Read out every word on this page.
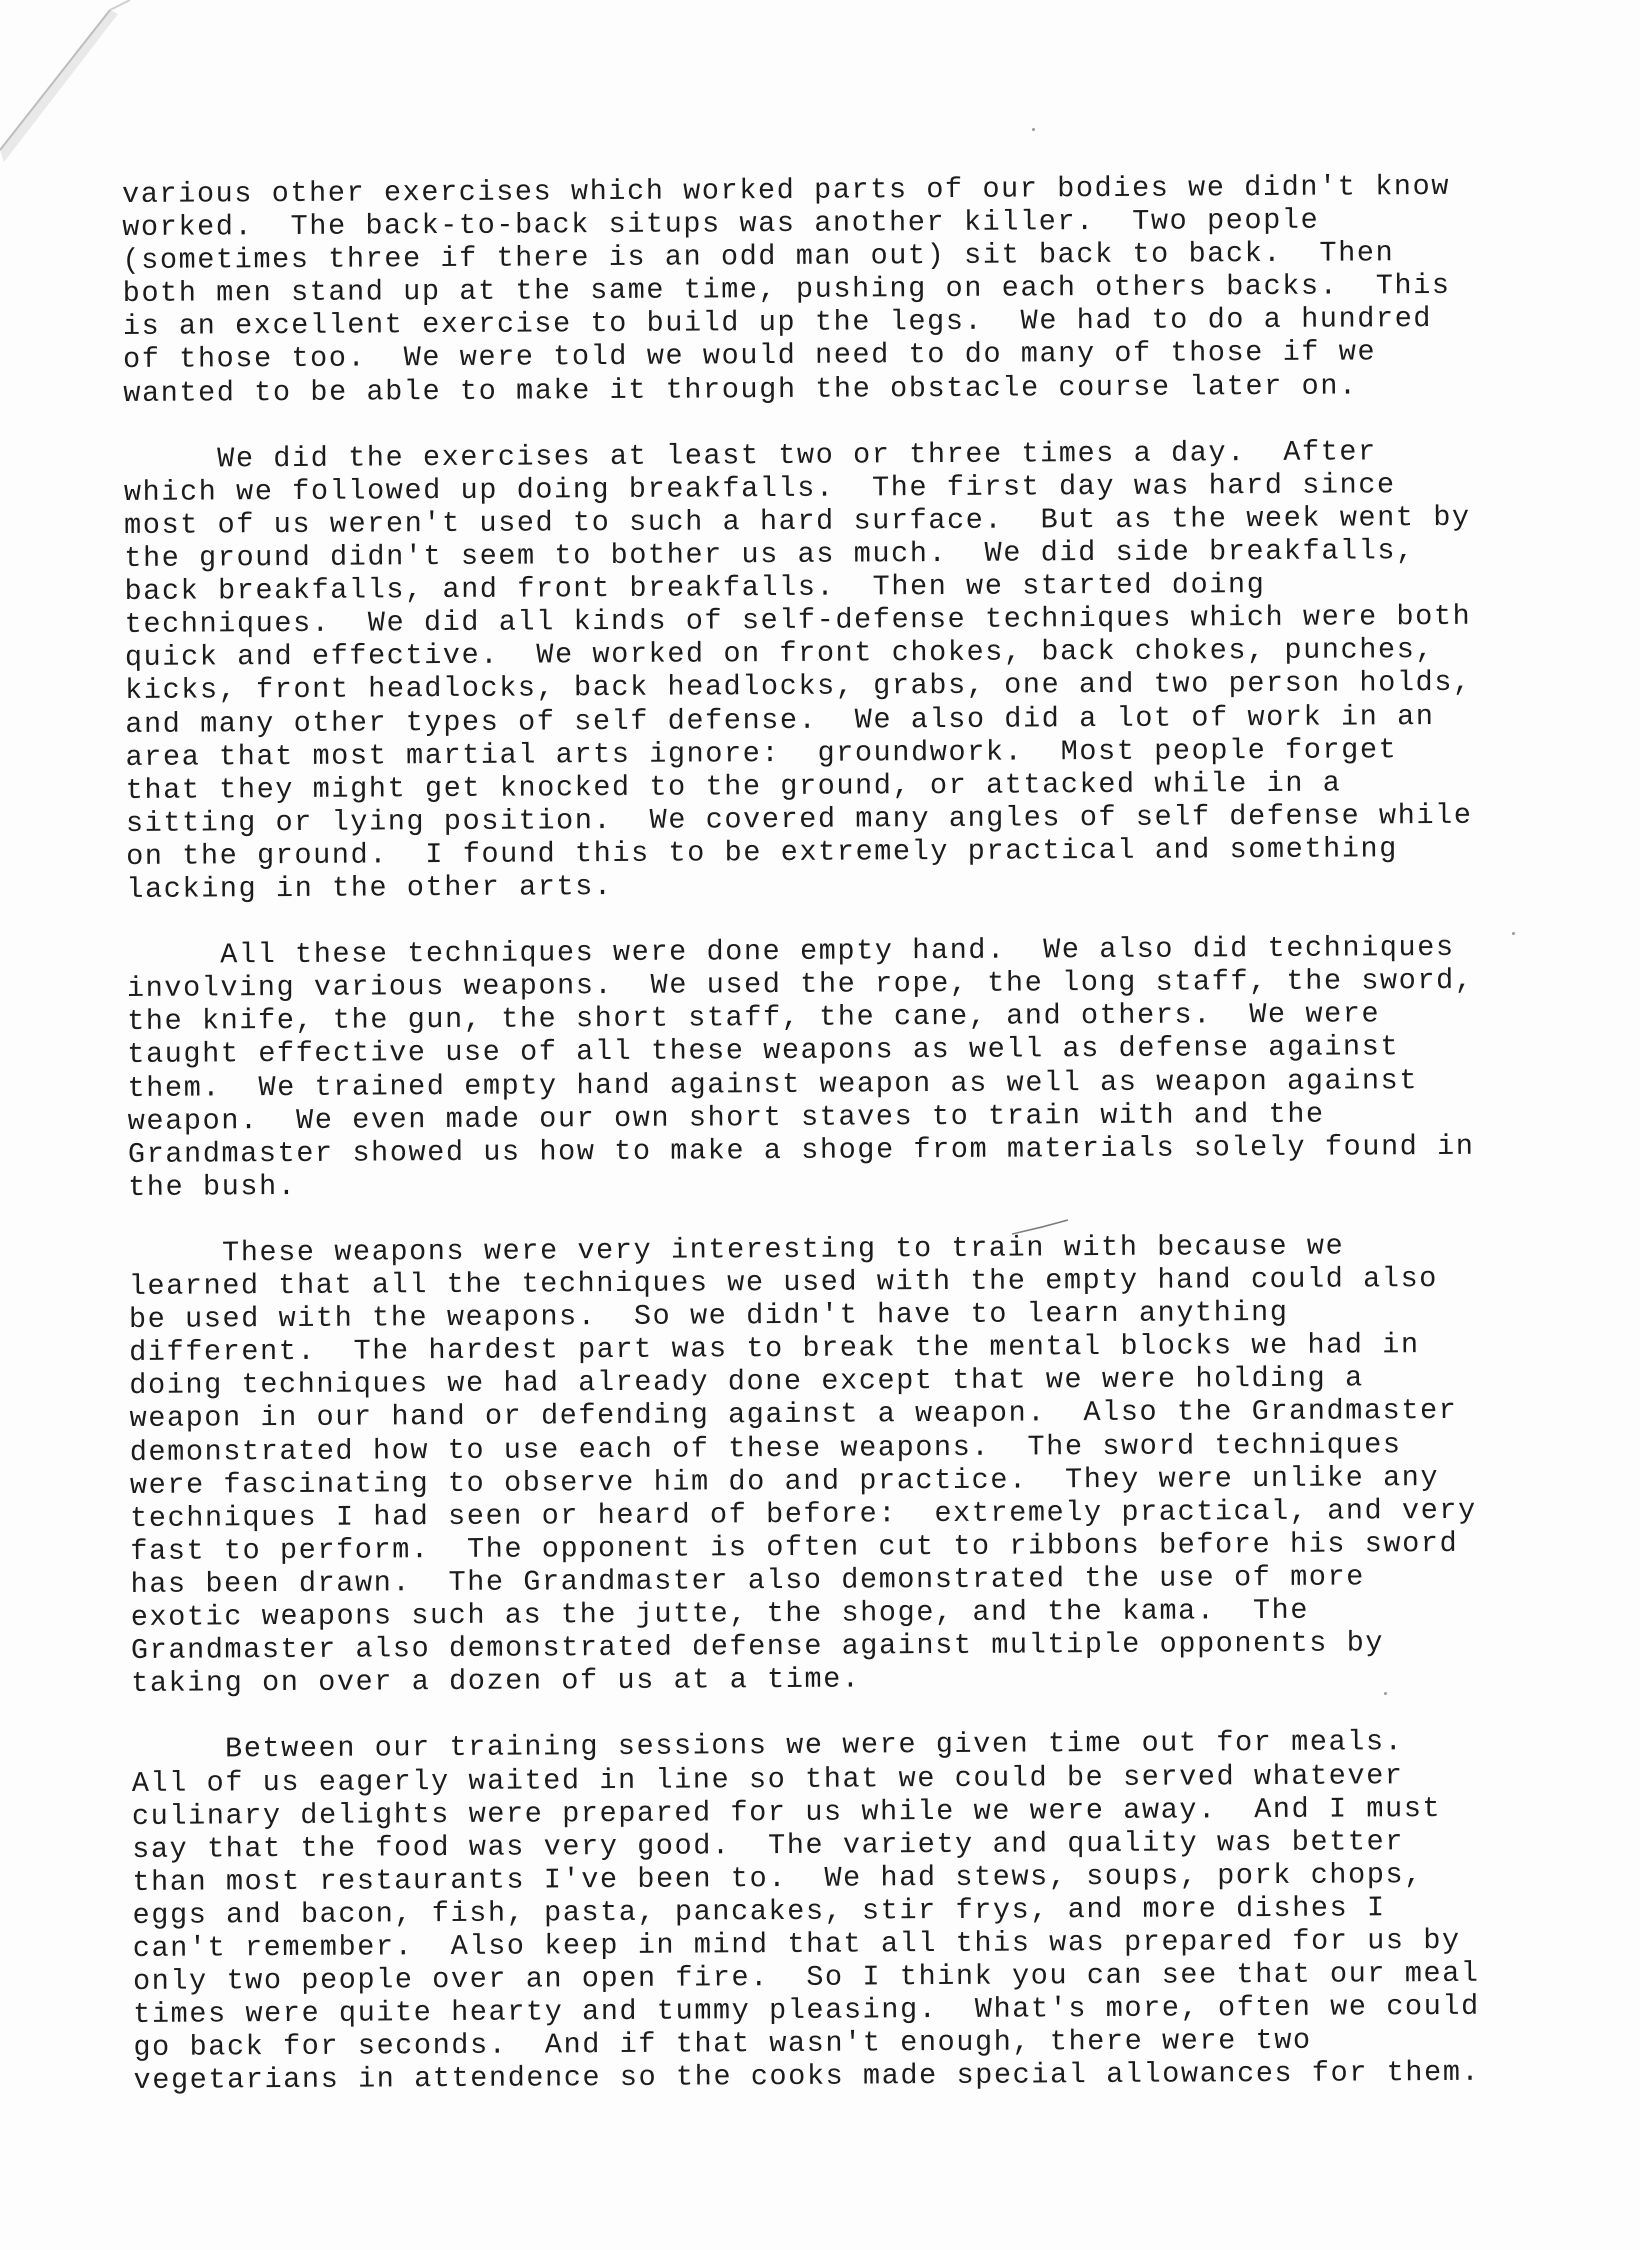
various other exercises which worked parts of our bodies we didn't know
worked.  The back-to-back situps was another killer.  Two people
(sometimes three if there is an odd man out) sit back to back.  Then
both men stand up at the same time, pushing on each others backs.  This
is an excellent exercise to build up the legs.  We had to do a hundred
of those too.  We were told we would need to do many of those if we
wanted to be able to make it through the obstacle course later on.
We did the exercises at least two or three times a day.  After
which we followed up doing breakfalls.  The first day was hard since
most of us weren't used to such a hard surface.  But as the week went by
the ground didn't seem to bother us as much.  We did side breakfalls,
back breakfalls, and front breakfalls.  Then we started doing
techniques.  We did all kinds of self-defense techniques which were both
quick and effective.  We worked on front chokes, back chokes, punches,
kicks, front headlocks, back headlocks, grabs, one and two person holds,
and many other types of self defense.  We also did a lot of work in an
area that most martial arts ignore:  groundwork.  Most people forget
that they might get knocked to the ground, or attacked while in a
sitting or lying position.  We covered many angles of self defense while
on the ground.  I found this to be extremely practical and something
lacking in the other arts.
All these techniques were done empty hand.  We also did techniques
involving various weapons.  We used the rope, the long staff, the sword,
the knife, the gun, the short staff, the cane, and others.  We were
taught effective use of all these weapons as well as defense against
them.  We trained empty hand against weapon as well as weapon against
weapon.  We even made our own short staves to train with and the
Grandmaster showed us how to make a shoge from materials solely found in
the bush.
These weapons were very interesting to train with because we
learned that all the techniques we used with the empty hand could also
be used with the weapons.  So we didn't have to learn anything
different.  The hardest part was to break the mental blocks we had in
doing techniques we had already done except that we were holding a
weapon in our hand or defending against a weapon.  Also the Grandmaster
demonstrated how to use each of these weapons.  The sword techniques
were fascinating to observe him do and practice.  They were unlike any
techniques I had seen or heard of before:  extremely practical, and very
fast to perform.  The opponent is often cut to ribbons before his sword
has been drawn.  The Grandmaster also demonstrated the use of more
exotic weapons such as the jutte, the shoge, and the kama.  The
Grandmaster also demonstrated defense against multiple opponents by
taking on over a dozen of us at a time.
Between our training sessions we were given time out for meals.
All of us eagerly waited in line so that we could be served whatever
culinary delights were prepared for us while we were away.  And I must
say that the food was very good.  The variety and quality was better
than most restaurants I've been to.  We had stews, soups, pork chops,
eggs and bacon, fish, pasta, pancakes, stir frys, and more dishes I
can't remember.  Also keep in mind that all this was prepared for us by
only two people over an open fire.  So I think you can see that our meal
times were quite hearty and tummy pleasing.  What's more, often we could
go back for seconds.  And if that wasn't enough, there were two
vegetarians in attendence so the cooks made special allowances for them.
